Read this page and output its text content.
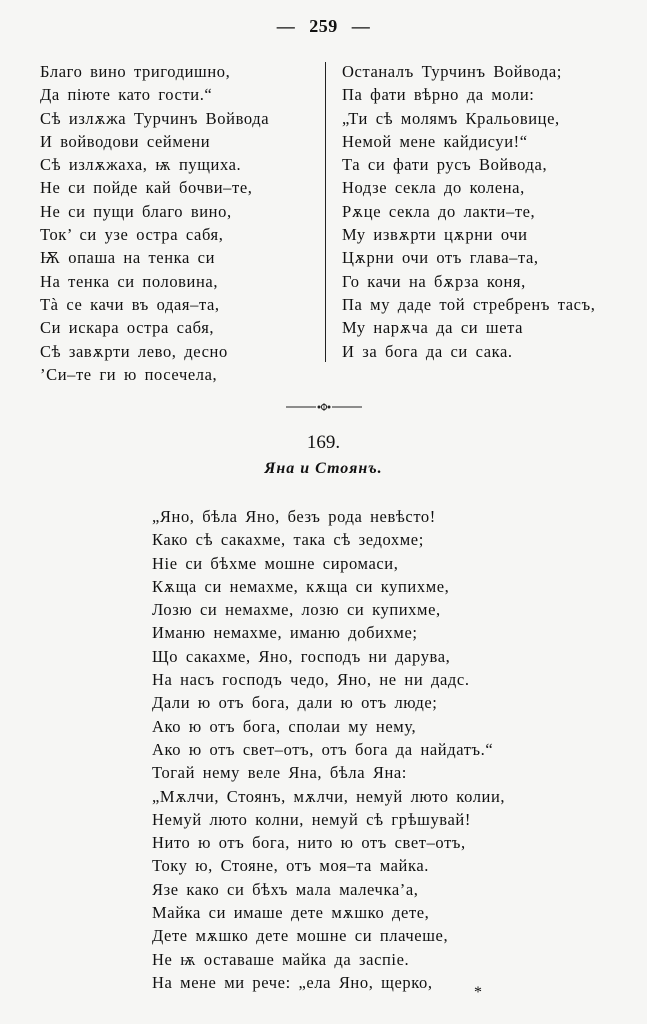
— 259 —
Благо вино тригодишно,
Да піюте като гости.“
Сѣ излѫжа Турчинъ Войвода
И войводови сеймени
Сѣ излѫжаха, ѭ пущиха.
Не си пойде кай бочви–те,
Не си пущи благо вино,
Ток’ си узе остра сабя,
Ѭ опаша на тенка си
На тенка си половина,
Тà се качи въ одая–та,
Си искара остра сабя,
Сѣ завѫрти лево, десно
’Си–те ги ю посечела,
Останалъ Турчинъ Войвода;
Па фати вѣрно да моли:
„Ти сѣ молямъ Кральовице,
Немой мене кайдисуи!“
Та си фати русъ Войвода,
Нодзе секла до колена,
Рѫце секла до лакти–те,
Му извѫрти цѫрни очи
Цѫрни очи отъ глава–та,
Го качи на бѫрза коня,
Па му даде той стребренъ тасъ,
Му нарѫча да си шета
И за бога да си сака.
169.
Яна и Стоянъ.
„Яно, бѣла Яно, безъ рода невѣсто!
Како сѣ сакахме, така сѣ зедохме;
Ніе си бѣхме мошне сиромаси,
Кѫща си немахме, кѫща си купихме,
Лозю си немахме, лозю си купихме,
Иманю немахме, иманю добихме;
Що сакахме, Яно, господъ ни дарува,
На насъ господъ чедо, Яно, не ни дадс.
Дали ю отъ бога, дали ю отъ люде;
Ако ю отъ бога, сполаи му нему,
Ако ю отъ свет–отъ, отъ бога да найдатъ.“
Тогай нему веле Яна, бѣла Яна:
„Мѫлчи, Стоянъ, мѫлчи, немуй люто колии,
Немуй люто колни, немуй сѣ грѣшувай!
Нито ю отъ бога, нито ю отъ свет–отъ,
Току ю, Стояне, отъ моя–та майка.
Язе како си бѣхъ мала малечка’а,
Майка си имаше дете мѫшко дете,
Дете мѫшко дете мошне си плачеше,
Не ѭ оставаше майка да заспіе.
На мене ми рече: „ела Яно, щерко,
*
